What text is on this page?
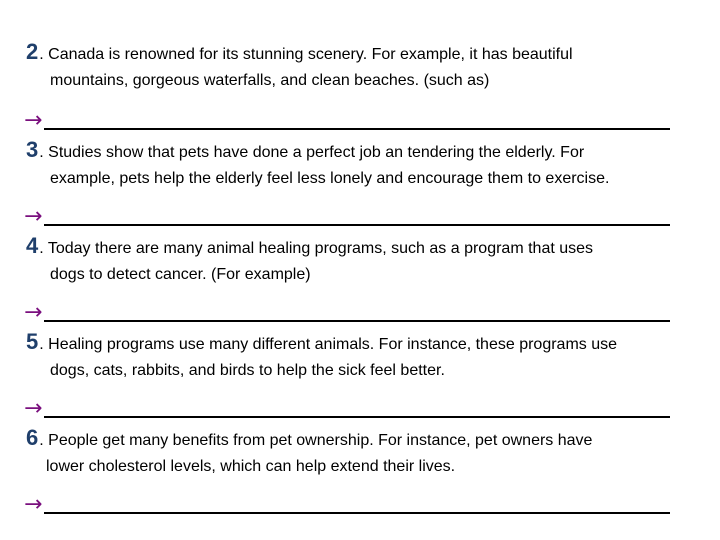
2. Canada is renowned for its stunning scenery. For example, it has beautiful
mountains, gorgeous waterfalls, and clean beaches. (such as)
→
3. Studies show that pets have done a perfect job an tendering the elderly. For
example, pets help the elderly feel less lonely and encourage them to exercise.
→
4. Today there are many animal healing programs, such as a program that uses
dogs to detect cancer. (For example)
→
5. Healing programs use many different animals. For instance, these programs use
dogs, cats, rabbits, and birds to help the sick feel better.
→
6. People get many benefits from pet ownership. For instance, pet owners have
lower cholesterol levels, which can help extend their lives.
→
